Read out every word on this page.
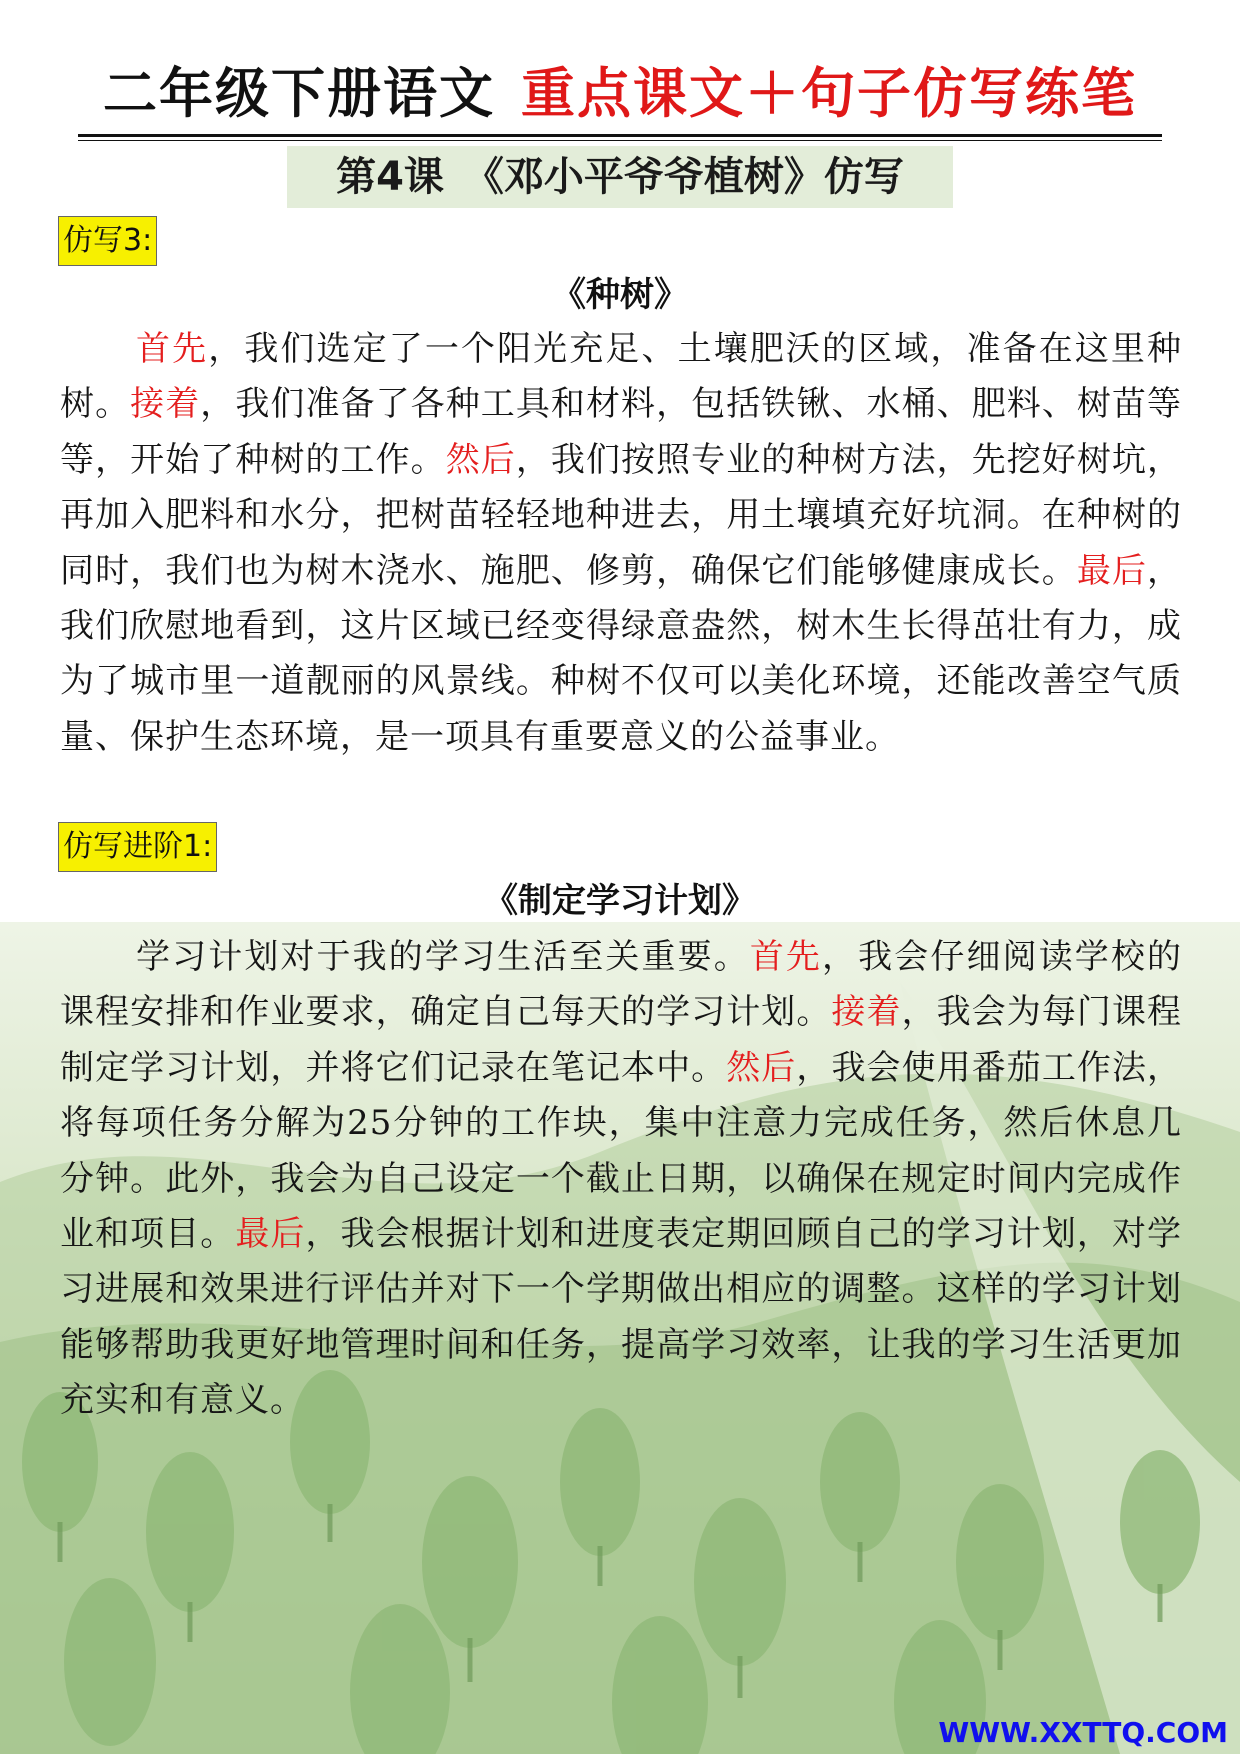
二年级下册语文 重点课文＋句子仿写练笔
第4课　《邓小平爷爷植树》仿写
仿写3:
《种树》
首先，我们选定了一个阳光充足、土壤肥沃的区域，准备在这里种树。接着，我们准备了各种工具和材料，包括铁锹、水桶、肥料、树苗等等，开始了种树的工作。然后，我们按照专业的种树方法，先挖好树坑，再加入肥料和水分，把树苗轻轻地种进去，用土壤填充好坑洞。在种树的同时，我们也为树木浇水、施肥、修剪，确保它们能够健康成长。最后，我们欣慰地看到，这片区域已经变得绿意盎然，树木生长得茁壮有力，成为了城市里一道靓丽的风景线。种树不仅可以美化环境，还能改善空气质量、保护生态环境，是一项具有重要意义的公益事业。
仿写进阶1:
《制定学习计划》
学习计划对于我的学习生活至关重要。首先，我会仔细阅读学校的课程安排和作业要求，确定自己每天的学习计划。接着，我会为每门课程制定学习计划，并将它们记录在笔记本中。然后，我会使用番茄工作法，将每项任务分解为25分钟的工作块，集中注意力完成任务，然后休息几分钟。此外，我会为自己设定一个截止日期，以确保在规定时间内完成作业和项目。最后，我会根据计划和进度表定期回顾自己的学习计划，对学习进展和效果进行评估并对下一个学期做出相应的调整。这样的学习计划能够帮助我更好地管理时间和任务，提高学习效率，让我的学习生活更加充实和有意义。
WWW.XXTTQ.COM
